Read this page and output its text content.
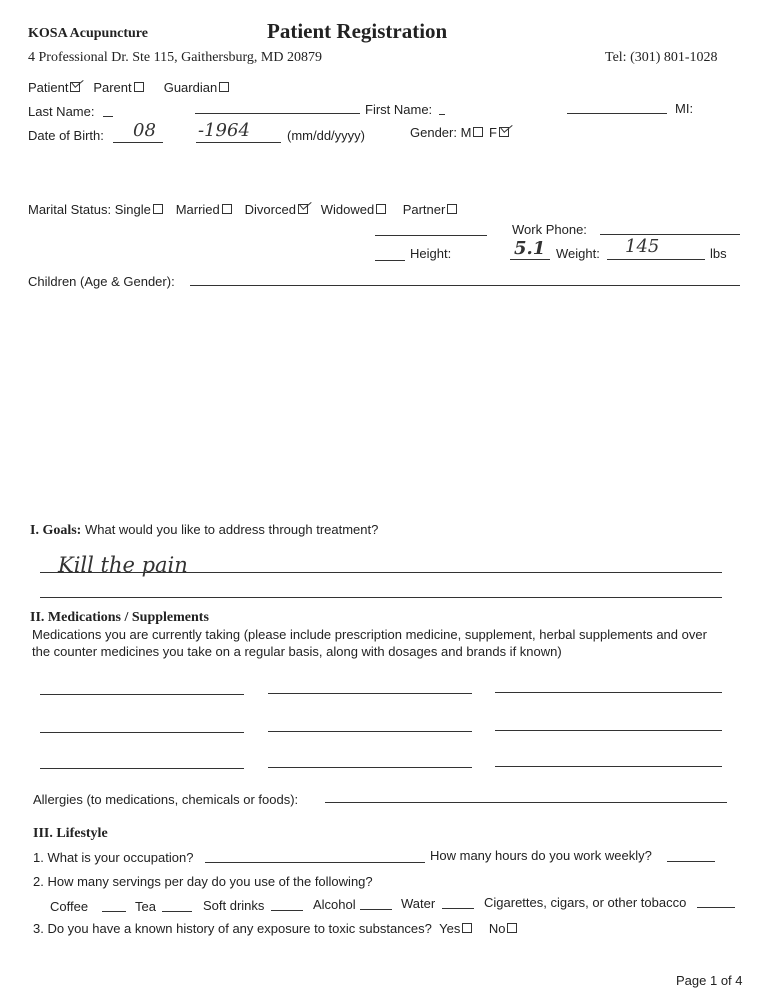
KOSA Acupuncture	Patient Registration
4 Professional Dr. Ste 115, Gaithersburg, MD 20879	Tel: (301) 801-1028
Patient Parent Guardian
Last Name:	First Name:	MI:
Date of Birth: 08 -1964	(mm/dd/yyyy)	Gender: M F
Marital Status: Single Married Divorced Widowed Partner
Work Phone:
Height:	5.1 Weight: 145	lbs
Children (Age & Gender):
I. Goals: What would you like to address through treatment?
Kill the pain
II. Medications / Supplements
Medications you are currently taking (please include prescription medicine, supplement, herbal supplements and over
the counter medicines you take on a regular basis, along with dosages and brands if known)
Allergies (to medications, chemicals or foods):
III. Lifestyle
1. What is your occupation?	How many hours do you work weekly?
2. How many servings per day do you use of the following?
Coffee	Tea	Soft drinks	Alcohol	Water	Cigarettes, cigars, or other tobacco
3. Do you have a known history of any exposure to toxic substances? Yes No
Page 1 of 4
